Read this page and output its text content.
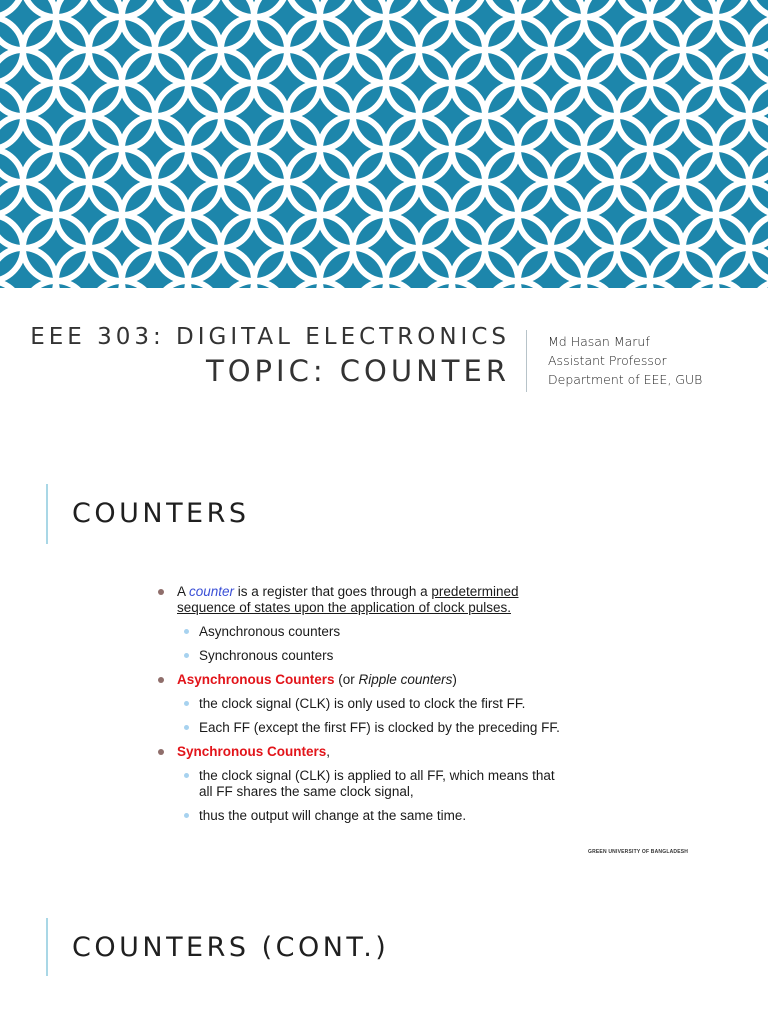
EEE 303: DIGITAL ELECTRONICS
TOPIC: COUNTER
Md Hasan Maruf
Assistant Professor
Department of EEE, GUB
COUNTERS
A counter is a register that goes through a predetermined
sequence of states upon the application of clock pulses.
Asynchronous counters
Synchronous counters
Asynchronous Counters (or Ripple counters)
the clock signal (CLK) is only used to clock the first FF.
Each FF (except the first FF) is clocked by the preceding FF.
Synchronous Counters,
the clock signal (CLK) is applied to all FF, which means that
all FF shares the same clock signal,
thus the output will change at the same time.
GREEN UNIVERSITY OF BANGLADESH
COUNTERS (CONT.)
